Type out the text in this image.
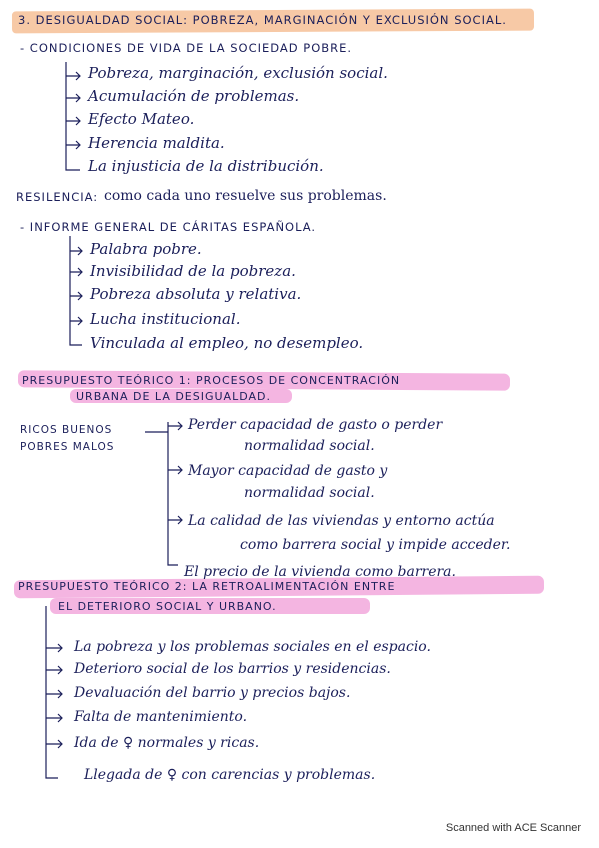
3. DESIGUALDAD SOCIAL: POBREZA, MARGINACIÓN Y EXCLUSIÓN SOCIAL.
- CONDICIONES DE VIDA DE LA SOCIEDAD POBRE.
Pobreza, marginación, exclusión social.
Acumulación de problemas.
Efecto Mateo.
Herencia maldita.
La injusticia de la distribución.
RESILENCIA: como cada uno resuelve sus problemas.
- INFORME GENERAL DE CÁRITAS ESPAÑOLA.
Palabra pobre.
Invisibilidad de la pobreza.
Pobreza absoluta y relativa.
Lucha institucional.
Vinculada al empleo, no desempleo.
PRESUPUESTO TEÓRICO 1: PROCESOS DE CONCENTRACIÓN
URBANA DE LA DESIGUALDAD.
RICOS BUENOS
POBRES MALOS
Perder capacidad de gasto o perder
normalidad social.
Mayor capacidad de gasto y
normalidad social.
La calidad de las viviendas y entorno actúa
como barrera social y impide acceder.
El precio de la vivienda como barrera.
PRESUPUESTO TEÓRICO 2: LA RETROALIMENTACIÓN ENTRE
EL DETERIORO SOCIAL Y URBANO.
La pobreza y los problemas sociales en el espacio.
Deterioro social de los barrios y residencias.
Devaluación del barrio y precios bajos.
Falta de mantenimiento.
Ida de ♀ normales y ricas.
Llegada de ♀ con carencias y problemas.
Scanned with ACE Scanner
